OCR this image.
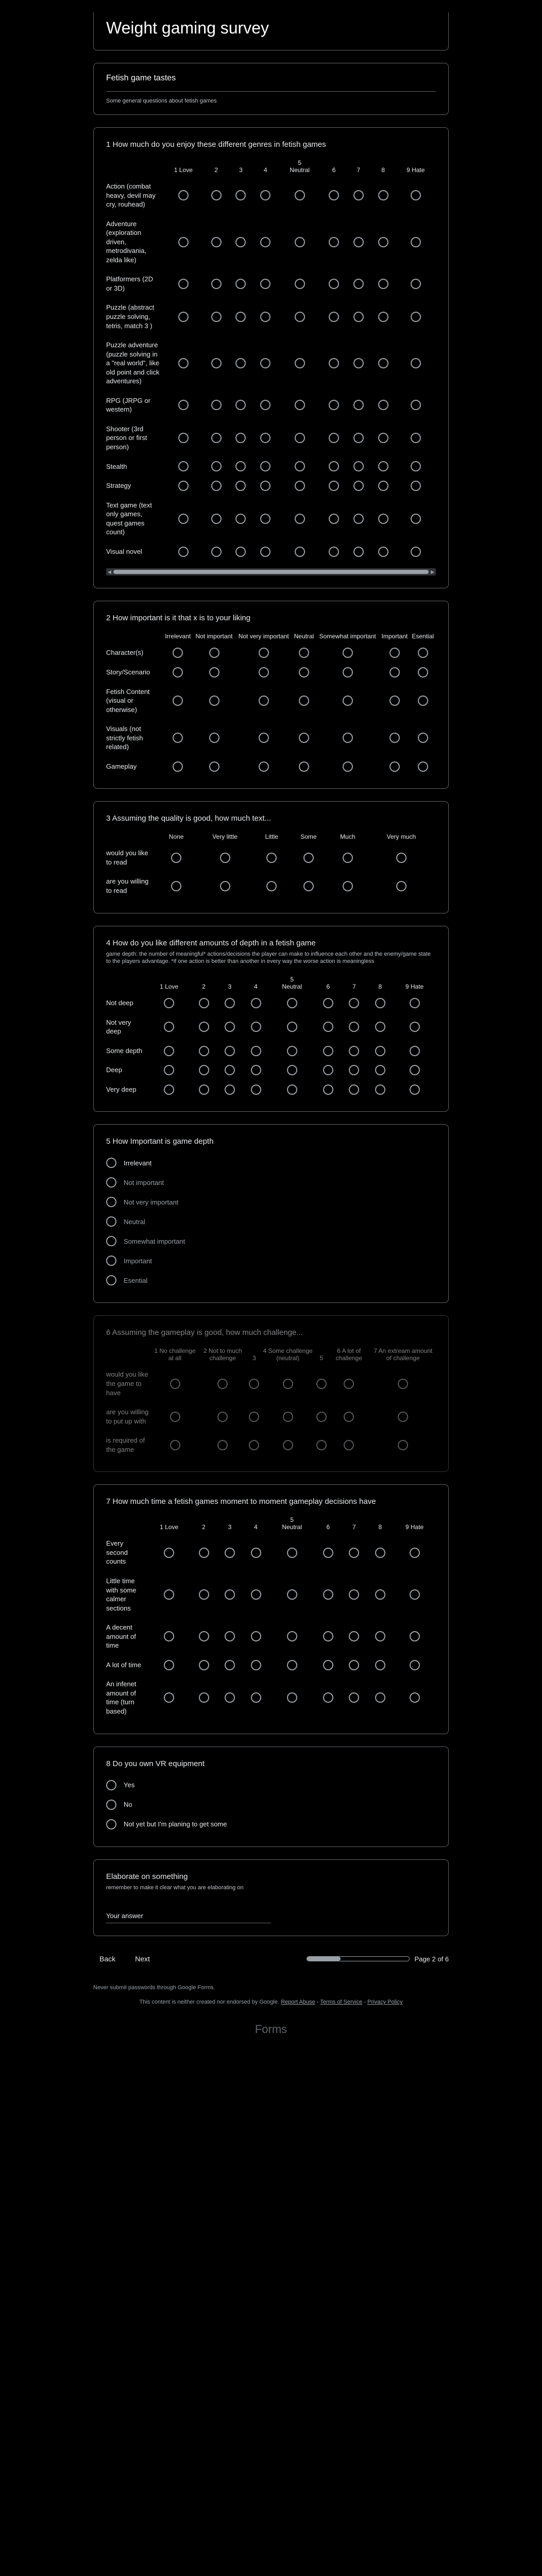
Weight gaming survey
Fetish game tastes
Some general questions about fetish games
1 How much do you enjoy these different genres in fetish games
	1 Love	2	3	4	5
Neutral	6	7	8	9 Hate
Action (combat heavy, devil may cry, rouhead)									
Adventure (exploration driven, metrodivania, zelda like)									
Platformers (2D or 3D)									
Puzzle (abstract puzzle solving, tetris, match 3 )									
Puzzle adventure (puzzle solving in a "real world", like old point and click adventures)									
RPG (JRPG or western)									
Shooter (3rd person or first person)									
Stealth									
Strategy									
Text game (text only games, quest games count)									
Visual novel									
◀	▶
2 How important is it that x is to your liking
	Irrelevant	Not important	Not very important	Neutral	Somewhat important	Important	Esential
Character(s)							
Story/Scenario							
Fetish Content (visual or otherwise)							
Visuals (not strictly fetish related)							
Gameplay							
3 Assuming the quality is good, how much text...
	None	Very little	Little	Some	Much	Very much
would you like to read						
are you willing to read						
4 How do you like different amounts of depth in a fetish game
game depth: the number of meaningful* actions/decisions the player can make to influence each other and the enemy/game state to the players advantage. *if one action is better than another in every way the worse action is meaningless
	1 Love	2	3	4	5
Neutral	6	7	8	9 Hate
Not deep									
Not very deep									
Some depth									
Deep									
Very deep									
5 How Important is game depth
Irrelevant
Not important
Not very important
Neutral
Somewhat important
Important
Esential
6 Assuming the gameplay is good, how much challenge...
	1 No challenge at all	2 Not to much challenge	3	4 Some challenge (neutral)	5	6 A lot of challenge	7 An extream amount of challenge
would you like the game to have							
are you willing to put up with							
is required of the game							
7 How much time a fetish games moment to moment gameplay decisions have
	1 Love	2	3	4	5
Neutral	6	7	8	9 Hate
Every second counts									
Little time with some calmer sections									
A decent amount of time									
A lot of time									
An infenet amount of time (turn based)									
8 Do you own VR equipment
Yes
No
Not yet but I'm planing to get some
Elaborate on something
remember to make it clear what you are elaborating on
Your answer
Back	Next	Page 2 of 6
Never submit passwords through Google Forms.
This content is neither created nor endorsed by Google. Report Abuse - Terms of Service - Privacy Policy
Forms
